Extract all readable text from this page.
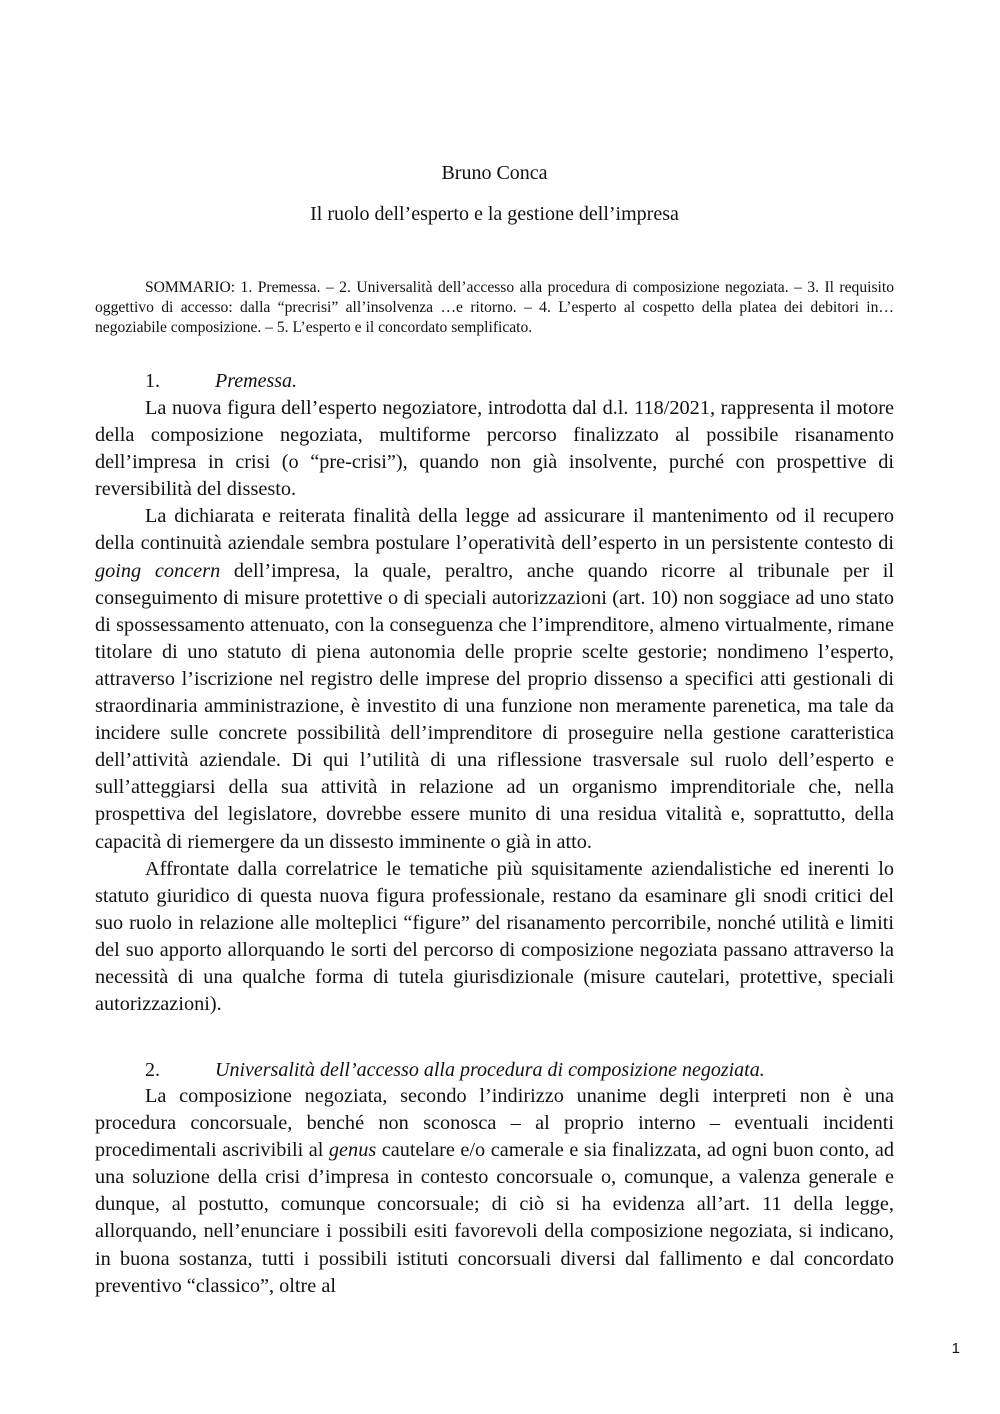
Bruno Conca
Il ruolo dell’esperto e la gestione dell’impresa
SOMMARIO: 1. Premessa. – 2. Universalità dell’accesso alla procedura di composizione negoziata. – 3. Il requisito oggettivo di accesso: dalla “precrisi” all’insolvenza …e ritorno. – 4. L’esperto al cospetto della platea dei debitori in…negoziabile composizione. – 5. L’esperto e il concordato semplificato.
1.	Premessa.

La nuova figura dell’esperto negoziatore, introdotta dal d.l. 118/2021, rappresenta il motore della composizione negoziata, multiforme percorso finalizzato al possibile risanamento dell’impresa in crisi (o “pre-crisi”), quando non già insolvente, purché con prospettive di reversibilità del dissesto.

La dichiarata e reiterata finalità della legge ad assicurare il mantenimento od il recupero della continuità aziendale sembra postulare l’operatività dell’esperto in un persistente contesto di going concern dell’impresa, la quale, peraltro, anche quando ricorre al tribunale per il conseguimento di misure protettive o di speciali autorizzazioni (art. 10) non soggiace ad uno stato di spossessamento attenuato, con la conseguenza che l’imprenditore, almeno virtualmente, rimane titolare di uno statuto di piena autonomia delle proprie scelte gestorie; nondimeno l’esperto, attraverso l’iscrizione nel registro delle imprese del proprio dissenso a specifici atti gestionali di straordinaria amministrazione, è investito di una funzione non meramente parenetica, ma tale da incidere sulle concrete possibilità dell’imprenditore di proseguire nella gestione caratteristica dell’attività aziendale. Di qui l’utilità di una riflessione trasversale sul ruolo dell’esperto e sull’atteggiarsi della sua attività in relazione ad un organismo imprenditoriale che, nella prospettiva del legislatore, dovrebbe essere munito di una residua vitalità e, soprattutto, della capacità di riemergere da un dissesto imminente o già in atto.

Affrontate dalla correlatrice le tematiche più squisitamente aziendalistiche ed inerenti lo statuto giuridico di questa nuova figura professionale, restano da esaminare gli snodi critici del suo ruolo in relazione alle molteplici “figure” del risanamento percorribile, nonché utilità e limiti del suo apporto allorquando le sorti del percorso di composizione negoziata passano attraverso la necessità di una qualche forma di tutela giurisdizionale (misure cautelari, protettive, speciali autorizzazioni).

2.	Universalità dell’accesso alla procedura di composizione negoziata.

La composizione negoziata, secondo l’indirizzo unanime degli interpreti non è una procedura concorsuale, benché non sconosca – al proprio interno – eventuali incidenti procedimentali ascrivibili al genus cautelare e/o camerale e sia finalizzata, ad ogni buon conto, ad una soluzione della crisi d’impresa in contesto concorsuale o, comunque, a valenza generale e dunque, al postutto, comunque concorsuale; di ciò si ha evidenza all’art. 11 della legge, allorquando, nell’enunciare i possibili esiti favorevoli della composizione negoziata, si indicano, in buona sostanza, tutti i possibili istituti concorsuali diversi dal fallimento e dal concordato preventivo “classico”, oltre al

1
